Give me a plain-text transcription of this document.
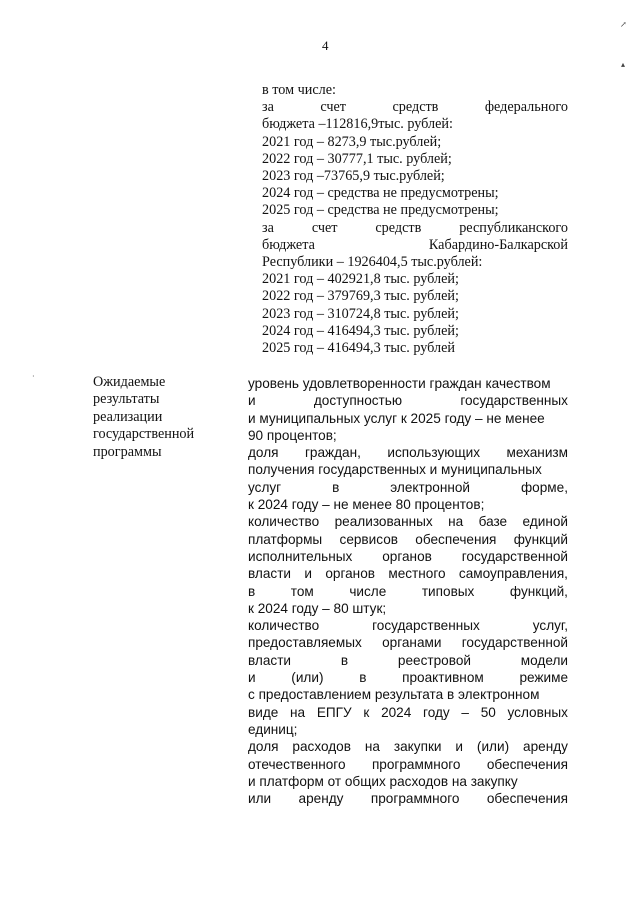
4
↗
▴
·
в том числе:
за	счет	средств	федерального
бюджета –112816,9тыс. рублей:
2021 год – 8273,9 тыс.рублей;
2022 год – 30777,1 тыс. рублей;
2023 год –73765,9 тыс.рублей;
2024 год – средства не предусмотрены;
2025 год – средства не предусмотрены;
за	счет	средств	республиканского
бюджета	Кабардино-Балкарской
Республики – 1926404,5 тыс.рублей:
2021 год – 402921,8 тыс. рублей;
2022 год – 379769,3 тыс. рублей;
2023 год – 310724,8 тыс. рублей;
2024 год – 416494,3 тыс. рублей;
2025 год – 416494,3 тыс. рублей
Ожидаемые
результаты
реализации
государственной
программы
уровень удовлетворенности граждан качеством
и	доступностью	государственных
и муниципальных услуг к 2025 году – не менее
90 процентов;
доля граждан, использующих механизм
получения государственных и муниципальных
услуг	в	электронной	форме,
к 2024 году – не менее 80 процентов;
количество реализованных на базе единой
платформы сервисов обеспечения функций
исполнительных органов государственной
власти и органов местного самоуправления,
в	том	числе	типовых	функций,
к 2024 году – 80 штук;
количество	государственных	услуг,
предоставляемых органами государственной
власти	в	реестровой	модели
и	(или)	в	проактивном	режиме
с предоставлением результата в электронном
виде на ЕПГУ к 2024 году – 50 условных
единиц;
доля расходов на закупки и (или) аренду
отечественного программного обеспечения
и платформ от общих расходов на закупку
или аренду программного обеспечения
